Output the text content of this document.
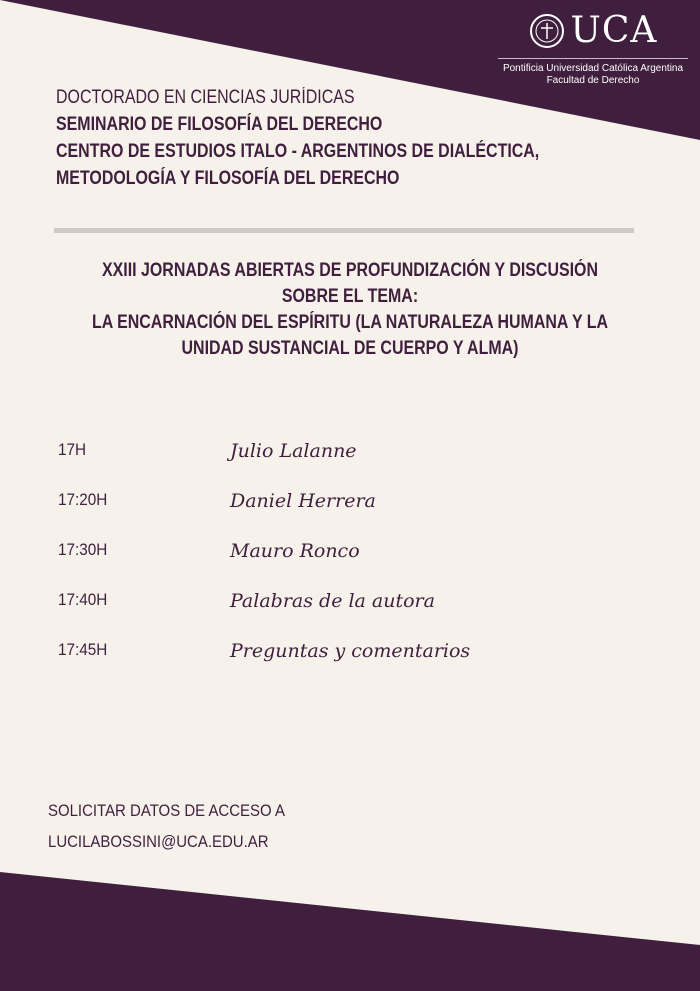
UCA
Pontificia Universidad Católica Argentina
Facultad de Derecho
DOCTORADO EN CIENCIAS JURÍDICAS
SEMINARIO DE FILOSOFÍA DEL DERECHO
CENTRO DE ESTUDIOS ITALO - ARGENTINOS DE DIALÉCTICA,
METODOLOGÍA Y FILOSOFÍA DEL DERECHO
XXIII JORNADAS ABIERTAS DE PROFUNDIZACIÓN Y DISCUSIÓN
SOBRE EL TEMA:
LA ENCARNACIÓN DEL ESPÍRITU (LA NATURALEZA HUMANA Y LA
UNIDAD SUSTANCIAL DE CUERPO Y ALMA)
17H	Julio Lalanne
17:20H	Daniel Herrera
17:30H	Mauro Ronco
17:40H	Palabras de la autora
17:45H	Preguntas y comentarios
SOLICITAR DATOS DE ACCESO A
LUCILABOSSINI@UCA.EDU.AR
